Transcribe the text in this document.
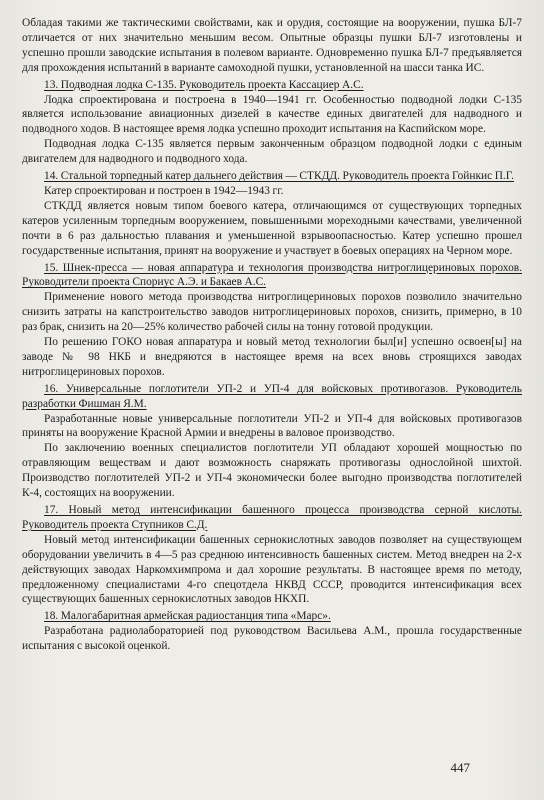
Обладая такими же тактическими свойствами, как и орудия, состоящие на вооружении, пушка БЛ-7 отличается от них значительно меньшим весом. Опытные образцы пушки БЛ-7 изготовлены и успешно прошли заводские испытания в полевом варианте. Одновременно пушка БЛ-7 предъявляется для прохождения испытаний в варианте самоходной пушки, установленной на шасси танка ИС.

13. Подводная лодка С-135. Руководитель проекта Кассациер А.С.

Лодка спроектирована и построена в 1940—1941 гг. Особенностью подводной лодки С-135 является использование авиационных дизелей в качестве единых двигателей для надводного и подводного ходов. В настоящее время лодка успешно проходит испытания на Каспийском море.

Подводная лодка С-135 является первым законченным образцом подводной лодки с единым двигателем для надводного и подводного хода.

14. Стальной торпедный катер дальнего действия — СТКДД. Руководитель проекта Гойнкис П.Г.

Катер спроектирован и построен в 1942—1943 гг.

СТКДД является новым типом боевого катера, отличающимся от существующих торпедных катеров усиленным торпедным вооружением, повышенными мореходными качествами, увеличенной почти в 6 раз дальностью плавания и уменьшенной взрывоопасностью. Катер успешно прошел государственные испытания, принят на вооружение и участвует в боевых операциях на Черном море.

15. Шнек-пресса — новая аппаратура и технология производства нитроглицериновых порохов. Руководители проекта Спориус А.Э. и Бакаев А.С.

Применение нового метода производства нитроглицериновых порохов позволило значительно снизить затраты на капстроительство заводов нитроглицериновых порохов, снизить, примерно, в 10 раз брак, снизить на 20—25% количество рабочей силы на тонну готовой продукции.

По решению ГОКО новая аппаратура и новый метод технологии был[и] успешно освоен[ы] на заводе № 98 НКБ и внедряются в настоящее время на всех вновь строящихся заводах нитроглицериновых порохов.

16. Универсальные поглотители УП-2 и УП-4 для войсковых противогазов. Руководитель разработки Фишман Я.М.

Разработанные новые универсальные поглотители УП-2 и УП-4 для войсковых противогазов приняты на вооружение Красной Армии и внедрены в валовое производство.

По заключению военных специалистов поглотители УП обладают хорошей мощностью по отравляющим веществам и дают возможность снаряжать противогазы однослойной шихтой. Производство поглотителей УП-2 и УП-4 экономически более выгодно производства поглотителей К-4, состоящих на вооружении.

17. Новый метод интенсификации башенного процесса производства серной кислоты. Руководитель проекта Ступников С.Д.

Новый метод интенсификации башенных сернокислотных заводов позволяет на существующем оборудовании увеличить в 4—5 раз среднюю интенсивность башенных систем. Метод внедрен на 2-х действующих заводах Наркомхимпрома и дал хорошие результаты. В настоящее время по методу, предложенному специалистами 4-го спецотдела НКВД СССР, проводится интенсификация всех существующих башенных сернокислотных заводов НКХП.

18. Малогабаритная армейская радиостанция типа «Марс».

Разработана радиолабораторией под руководством Васильева А.М., прошла государственные испытания с высокой оценкой.

447
